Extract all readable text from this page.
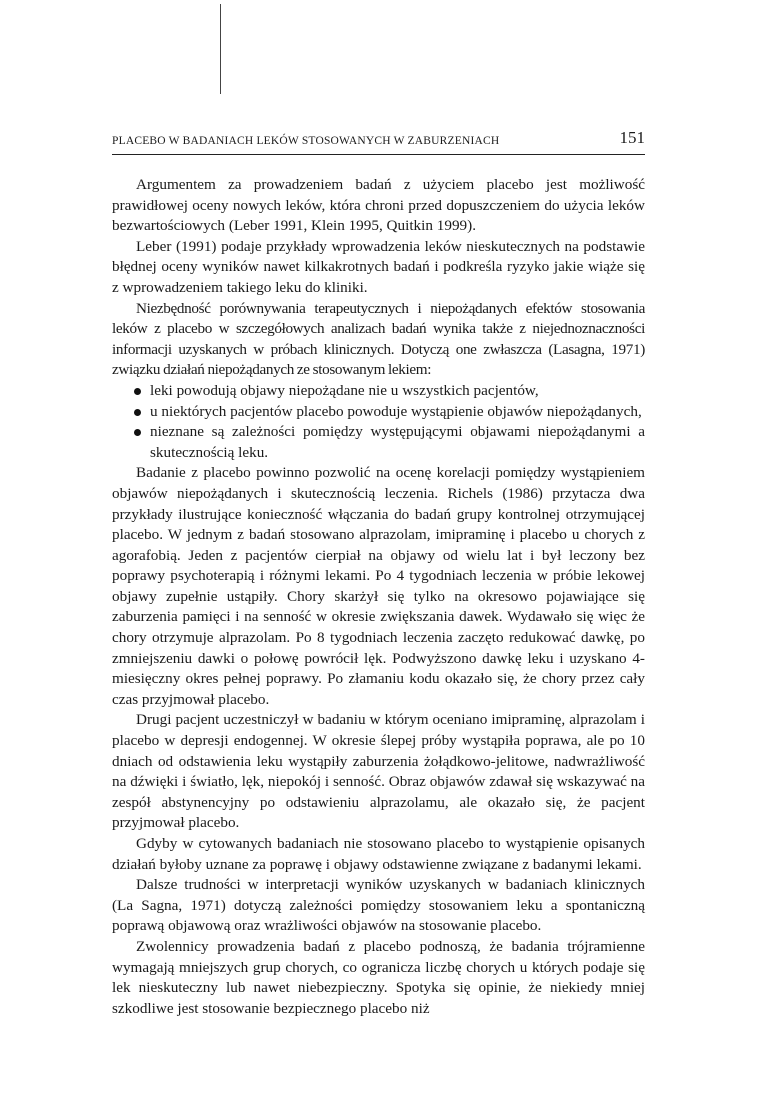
PLACEBO W BADANIACH LEKÓW STOSOWANYCH W ZABURZENIACH	151

Argumentem za prowadzeniem badań z użyciem placebo jest możliwość prawidłowej oceny nowych leków, która chroni przed dopuszczeniem do użycia leków bezwartościowych (Leber 1991, Klein 1995, Quitkin 1999).

Leber (1991) podaje przykłady wprowadzenia leków nieskutecznych na podstawie błędnej oceny wyników nawet kilkakrotnych badań i podkreśla ryzyko jakie wiąże się z wprowadzeniem takiego leku do kliniki.

Niezbędność porównywania terapeutycznych i niepożądanych efektów stosowania leków z placebo w szczegółowych analizach badań wynika także z niejednoznaczności informacji uzyskanych w próbach klinicznych. Dotyczą one zwłaszcza (Lasagna, 1971) związku działań niepożądanych ze stosowanym lekiem:

leki powodują objawy niepożądane nie u wszystkich pacjentów,
u niektórych pacjentów placebo powoduje wystąpienie objawów niepożądanych,
nieznane są zależności pomiędzy występującymi objawami niepożądanymi a skutecznością leku.

Badanie z placebo powinno pozwolić na ocenę korelacji pomiędzy wystąpieniem objawów niepożądanych i skutecznością leczenia. Richels (1986) przytacza dwa przykłady ilustrujące konieczność włączania do badań grupy kontrolnej otrzymującej placebo. W jednym z badań stosowano alprazolam, imipraminę i placebo u chorych z agorafobią. Jeden z pacjentów cierpiał na objawy od wielu lat i był leczony bez poprawy psychoterapią i różnymi lekami. Po 4 tygodniach leczenia w próbie lekowej objawy zupełnie ustąpiły. Chory skarżył się tylko na okresowo pojawiające się zaburzenia pamięci i na senność w okresie zwiększania dawek. Wydawało się więc że chory otrzymuje alprazolam. Po 8 tygodniach leczenia zaczęto redukować dawkę, po zmniejszeniu dawki o połowę powrócił lęk. Podwyższono dawkę leku i uzyskano 4-miesięczny okres pełnej poprawy. Po złamaniu kodu okazało się, że chory przez cały czas przyjmował placebo.

Drugi pacjent uczestniczył w badaniu w którym oceniano imipraminę, alprazolam i placebo w depresji endogennej. W okresie ślepej próby wystąpiła poprawa, ale po 10 dniach od odstawienia leku wystąpiły zaburzenia żołądkowo-jelitowe, nadwrażliwość na dźwięki i światło, lęk, niepokój i senność. Obraz objawów zdawał się wskazywać na zespół abstynencyjny po odstawieniu alprazolamu, ale okazało się, że pacjent przyjmował placebo.

Gdyby w cytowanych badaniach nie stosowano placebo to wystąpienie opisanych działań byłoby uznane za poprawę i objawy odstawienne związane z badanymi lekami.

Dalsze trudności w interpretacji wyników uzyskanych w badaniach klinicznych (La Sagna, 1971) dotyczą zależności pomiędzy stosowaniem leku a spontaniczną poprawą objawową oraz wrażliwości objawów na stosowanie placebo.

Zwolennicy prowadzenia badań z placebo podnoszą, że badania trójramienne wymagają mniejszych grup chorych, co ogranicza liczbę chorych u których podaje się lek nieskuteczny lub nawet niebezpieczny. Spotyka się opinie, że niekiedy mniej szkodliwe jest stosowanie bezpiecznego placebo niż
